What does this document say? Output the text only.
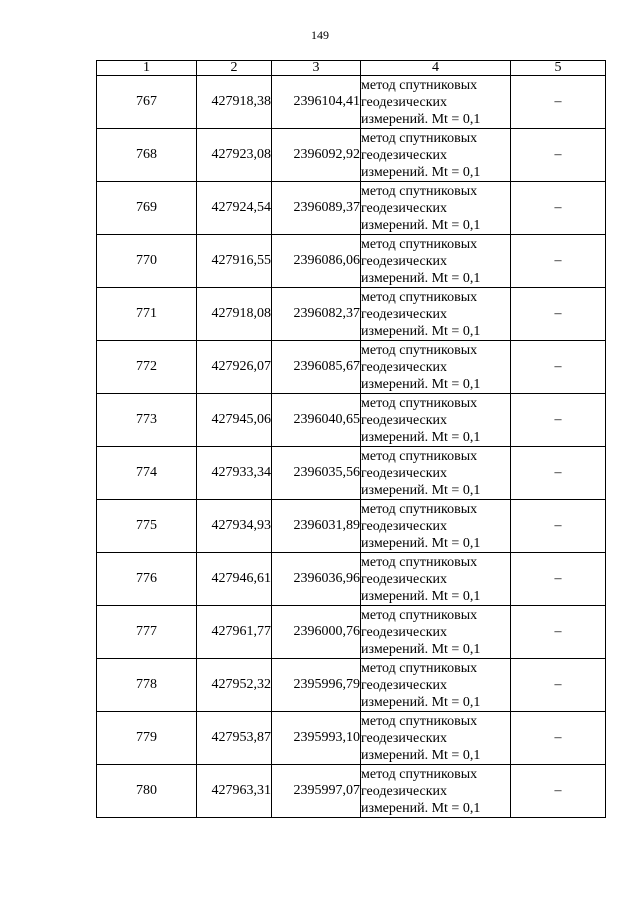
149
1	2	3	4	5
767	427918,38	2396104,41	метод спутниковых
геодезических
измерений. Mt = 0,1	–
768	427923,08	2396092,92	метод спутниковых
геодезических
измерений. Mt = 0,1	–
769	427924,54	2396089,37	метод спутниковых
геодезических
измерений. Mt = 0,1	–
770	427916,55	2396086,06	метод спутниковых
геодезических
измерений. Mt = 0,1	–
771	427918,08	2396082,37	метод спутниковых
геодезических
измерений. Mt = 0,1	–
772	427926,07	2396085,67	метод спутниковых
геодезических
измерений. Mt = 0,1	–
773	427945,06	2396040,65	метод спутниковых
геодезических
измерений. Mt = 0,1	–
774	427933,34	2396035,56	метод спутниковых
геодезических
измерений. Mt = 0,1	–
775	427934,93	2396031,89	метод спутниковых
геодезических
измерений. Mt = 0,1	–
776	427946,61	2396036,96	метод спутниковых
геодезических
измерений. Mt = 0,1	–
777	427961,77	2396000,76	метод спутниковых
геодезических
измерений. Mt = 0,1	–
778	427952,32	2395996,79	метод спутниковых
геодезических
измерений. Mt = 0,1	–
779	427953,87	2395993,10	метод спутниковых
геодезических
измерений. Mt = 0,1	–
780	427963,31	2395997,07	метод спутниковых
геодезических
измерений. Mt = 0,1	–
